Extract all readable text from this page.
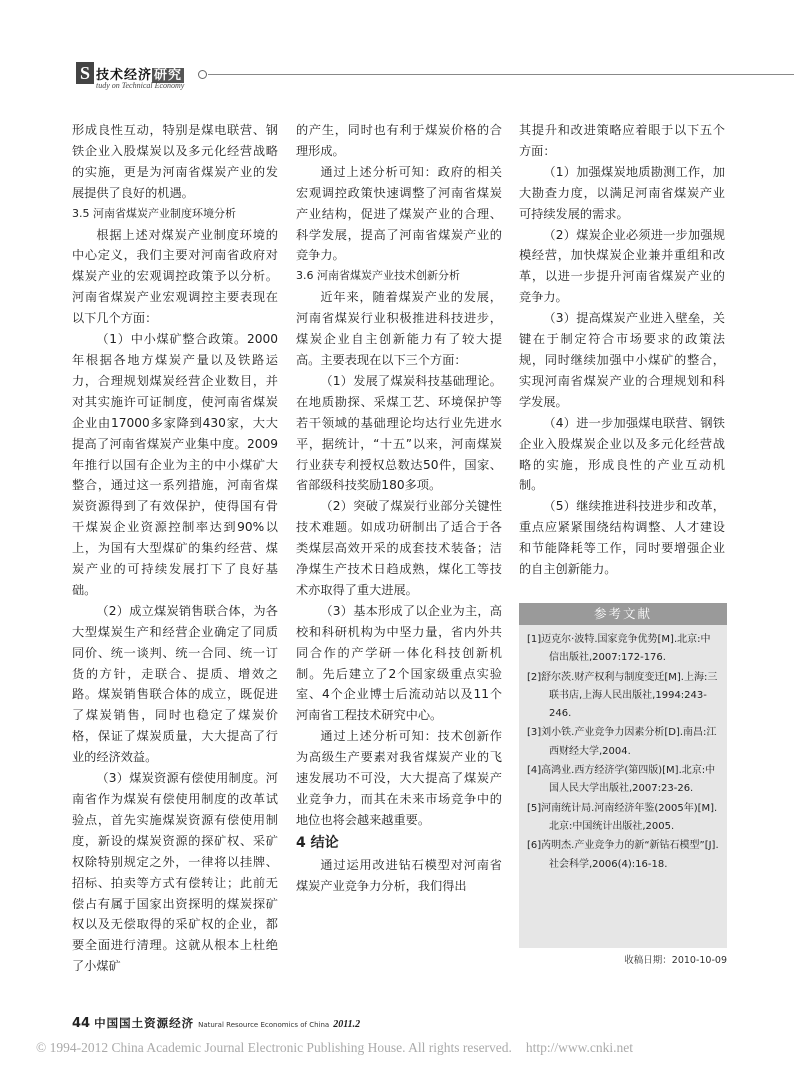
S 技术经济 研究
tudy on Technical Economy
形成良性互动，特别是煤电联营、钢铁企业入股煤炭以及多元化经营战略的实施，更是为河南省煤炭产业的发展提供了良好的机遇。
3.5 河南省煤炭产业制度环境分析
根据上述对煤炭产业制度环境的中心定义，我们主要对河南省政府对煤炭产业的宏观调控政策予以分析。河南省煤炭产业宏观调控主要表现在以下几个方面：
（1）中小煤矿整合政策。2000年根据各地方煤炭产量以及铁路运力，合理规划煤炭经营企业数目，并对其实施许可证制度，使河南省煤炭企业由17000多家降到430家，大大提高了河南省煤炭产业集中度。2009年推行以国有企业为主的中小煤矿大整合，通过这一系列措施，河南省煤炭资源得到了有效保护，使得国有骨干煤炭企业资源控制率达到90%以上，为国有大型煤矿的集约经营、煤炭产业的可持续发展打下了良好基础。
（2）成立煤炭销售联合体，为各大型煤炭生产和经营企业确定了同质同价、统一谈判、统一合同、统一订货的方针，走联合、提质、增效之路。煤炭销售联合体的成立，既促进了煤炭销售，同时也稳定了煤炭价格，保证了煤炭质量，大大提高了行业的经济效益。
（3）煤炭资源有偿使用制度。河南省作为煤炭有偿使用制度的改革试验点，首先实施煤炭资源有偿使用制度，新设的煤炭资源的探矿权、采矿权除特别规定之外，一律将以挂牌、招标、拍卖等方式有偿转让；此前无偿占有属于国家出资探明的煤炭探矿权以及无偿取得的采矿权的企业，都要全面进行清理。这就从根本上杜绝了小煤矿
的产生，同时也有利于煤炭价格的合理形成。
通过上述分析可知：政府的相关宏观调控政策快速调整了河南省煤炭产业结构，促进了煤炭产业的合理、科学发展，提高了河南省煤炭产业的竞争力。
3.6 河南省煤炭产业技术创新分析
近年来，随着煤炭产业的发展，河南省煤炭行业积极推进科技进步，煤炭企业自主创新能力有了较大提高。主要表现在以下三个方面：
（1）发展了煤炭科技基础理论。在地质勘探、采煤工艺、环境保护等若干领域的基础理论均达行业先进水平，据统计，“十五”以来，河南煤炭行业获专利授权总数达50件，国家、省部级科技奖励180多项。
（2）突破了煤炭行业部分关键性技术难题。如成功研制出了适合于各类煤层高效开采的成套技术装备；洁净煤生产技术日趋成熟，煤化工等技术亦取得了重大进展。
（3）基本形成了以企业为主，高校和科研机构为中坚力量，省内外共同合作的产学研一体化科技创新机制。先后建立了2个国家级重点实验室、4个企业博士后流动站以及11个河南省工程技术研究中心。
通过上述分析可知：技术创新作为高级生产要素对我省煤炭产业的飞速发展功不可没，大大提高了煤炭产业竞争力，而其在未来市场竞争中的地位也将会越来越重要。
4 结论
通过运用改进钻石模型对河南省煤炭产业竞争力分析，我们得出
其提升和改进策略应着眼于以下五个方面：
（1）加强煤炭地质勘测工作，加大勘查力度，以满足河南省煤炭产业可持续发展的需求。
（2）煤炭企业必须进一步加强规模经营，加快煤炭企业兼并重组和改革，以进一步提升河南省煤炭产业的竞争力。
（3）提高煤炭产业进入壁垒，关键在于制定符合市场要求的政策法规，同时继续加强中小煤矿的整合，实现河南省煤炭产业的合理规划和科学发展。
（4）进一步加强煤电联营、钢铁企业入股煤炭企业以及多元化经营战略的实施，形成良性的产业互动机制。
（5）继续推进科技进步和改革，重点应紧紧围绕结构调整、人才建设和节能降耗等工作，同时要增强企业的自主创新能力。
参考文献
[1]迈克尔·波特.国家竞争优势[M].北京:中信出版社,2007:172-176.
[2]舒尔茨.财产权利与制度变迁[M].上海:三联书店,上海人民出版社,1994:243-246.
[3]刘小铁.产业竞争力因素分析[D].南昌:江西财经大学,2004.
[4]高鸿业.西方经济学(第四版)[M].北京:中国人民大学出版社,2007:23-26.
[5]河南统计局.河南经济年鉴(2005年)[M].北京:中国统计出版社,2005.
[6]芮明杰.产业竞争力的新“新钻石模型”[J].社会科学,2006(4):16-18.
收稿日期：2010-10-09
44 中国国土资源经济 Natural Resource Economics of China 2011.2
© 1994-2012 China Academic Journal Electronic Publishing House. All rights reserved. http://www.cnki.net
